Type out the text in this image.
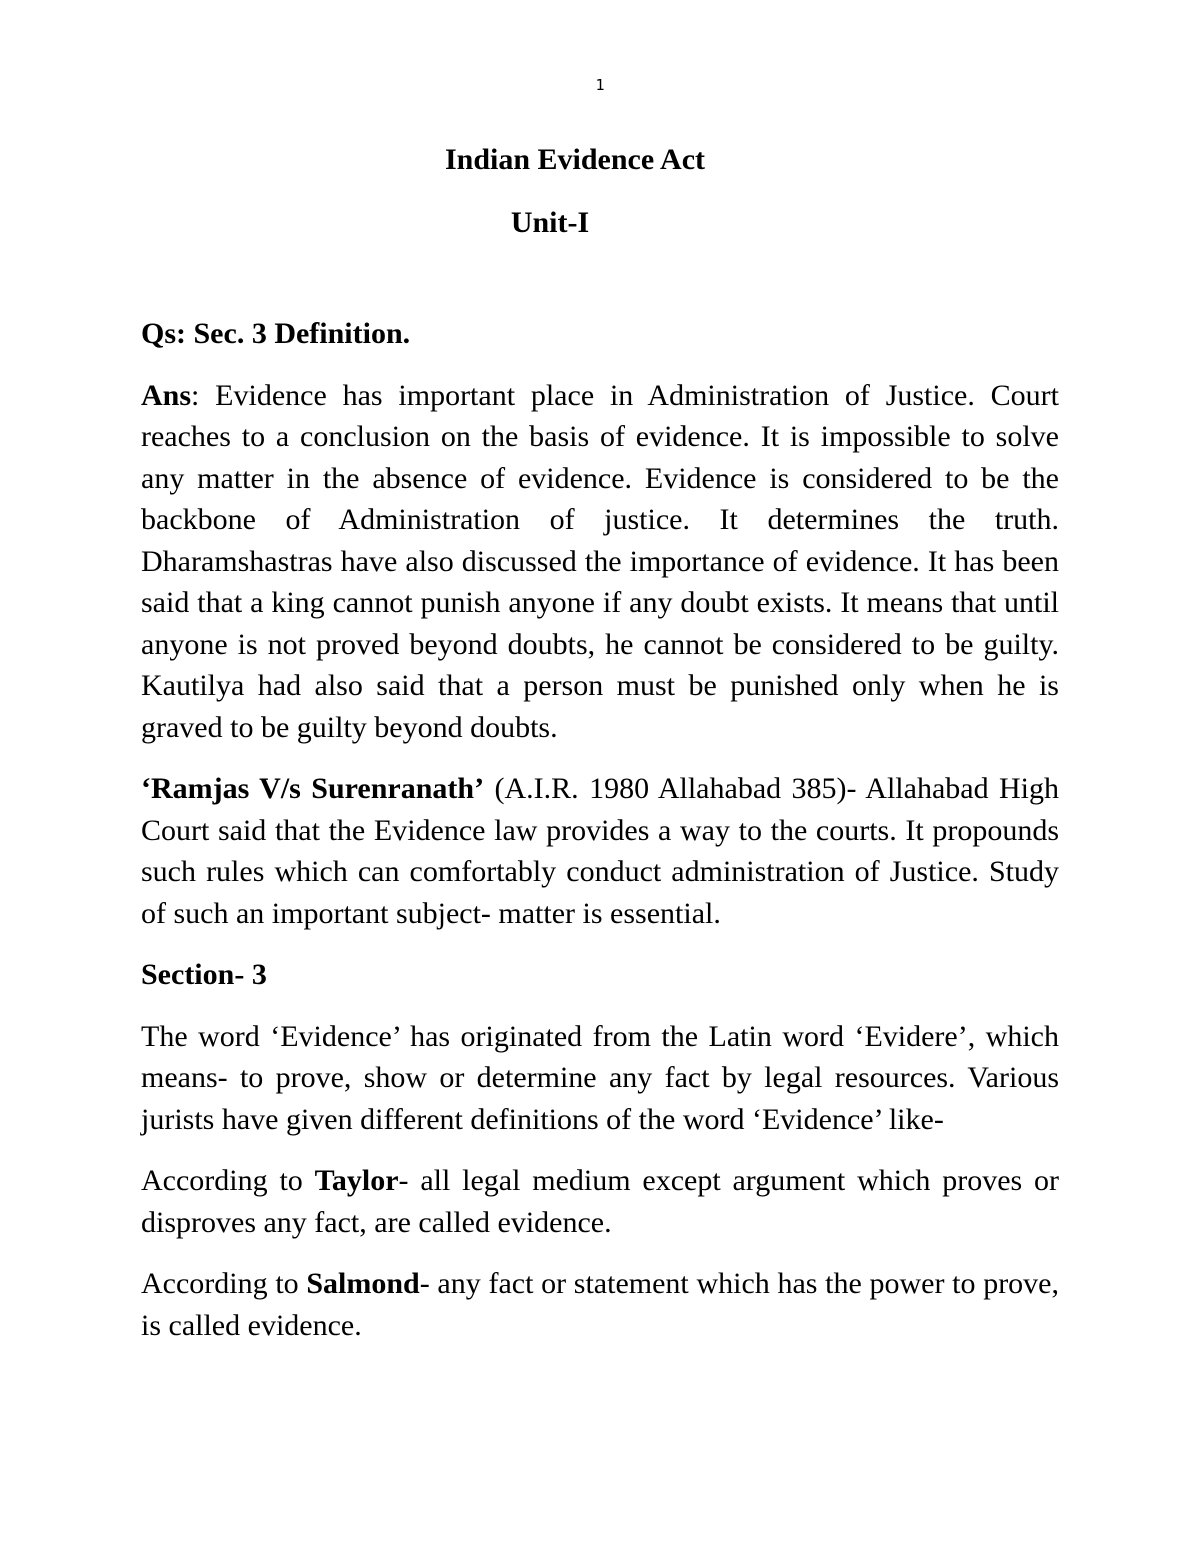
1
Indian Evidence Act
Unit-I

Qs: Sec. 3 Definition.

Ans: Evidence has important place in Administration of Justice. Court reaches to a conclusion on the basis of evidence. It is impossible to solve any matter in the absence of evidence. Evidence is considered to be the backbone of Administration of justice. It determines the truth. Dharamshastras have also discussed the importance of evidence. It has been said that a king cannot punish anyone if any doubt exists. It means that until anyone is not proved beyond doubts, he cannot be considered to be guilty. Kautilya had also said that a person must be punished only when he is graved to be guilty beyond doubts.

‘Ramjas V/s Surenranath’ (A.I.R. 1980 Allahabad 385)- Allahabad High Court said that the Evidence law provides a way to the courts. It propounds such rules which can comfortably conduct administration of Justice. Study of such an important subject- matter is essential.

Section- 3

The word ‘Evidence’ has originated from the Latin word ‘Evidere’, which means- to prove, show or determine any fact by legal resources. Various jurists have given different definitions of the word ‘Evidence’ like-

According to Taylor- all legal medium except argument which proves or disproves any fact, are called evidence.

According to Salmond- any fact or statement which has the power to prove, is called evidence.
